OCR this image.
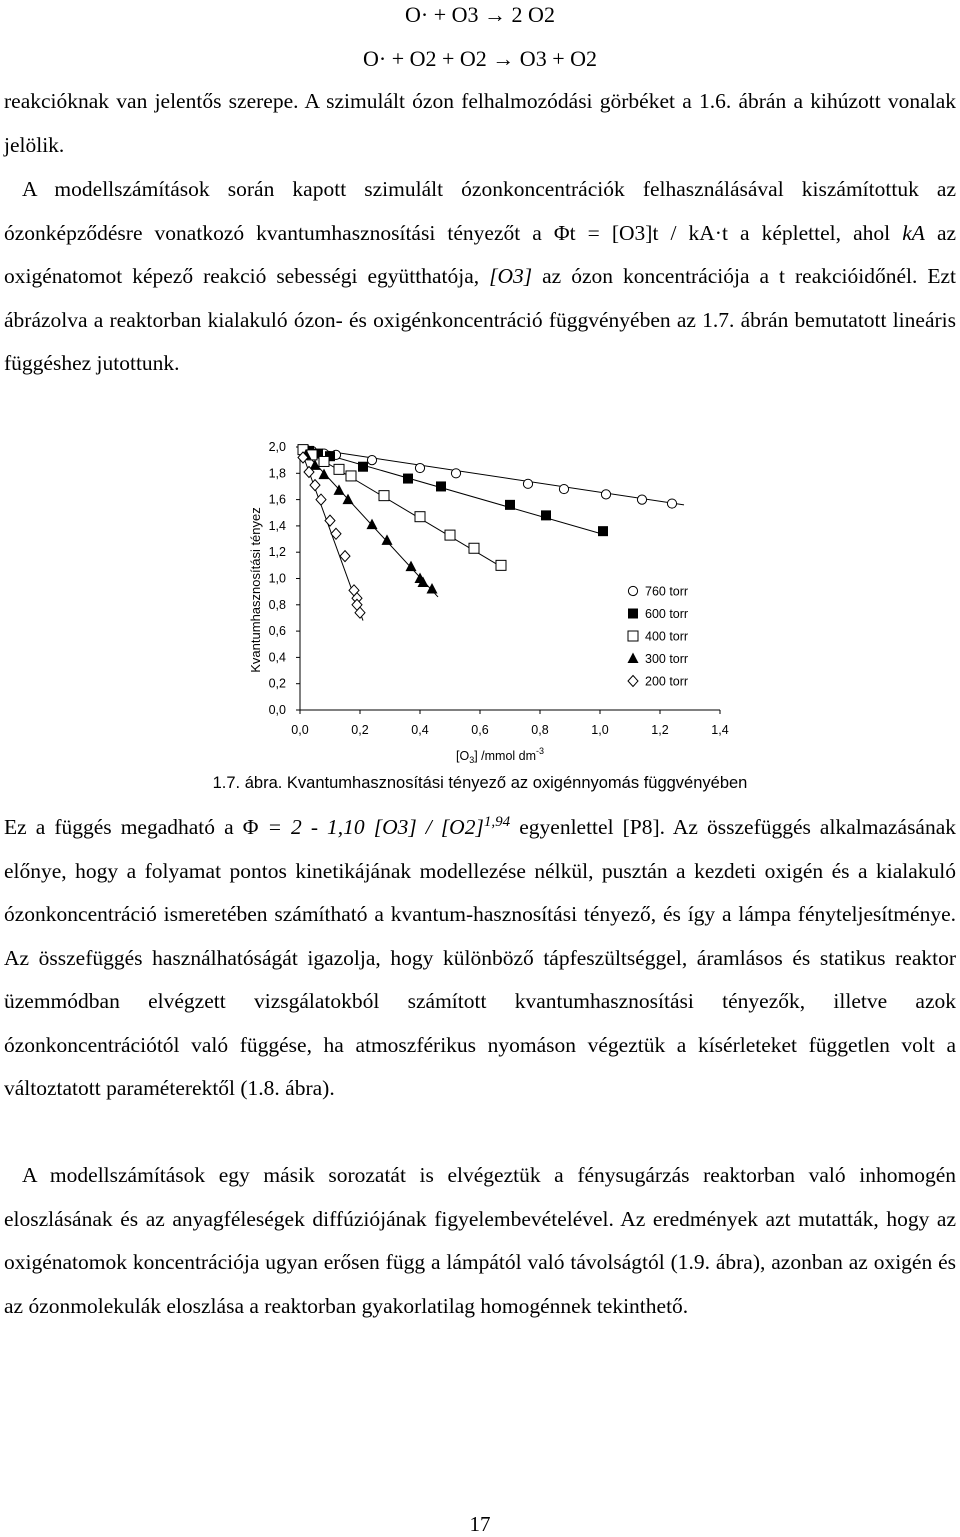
O· + O3 → 2 O2
O· + O2 + O2 → O3 + O2

reakcióknak van jelentős szerepe. A szimulált ózon felhalmozódási görbéket a 1.6. ábrán a kihúzott vonalak jelölik.

A modellszámítások során kapott szimulált ózonkoncentrációk felhasználásával kiszámítottuk az ózonképződésre vonatkozó kvantumhasznosítási tényezőt a Φt = [O3]t / kA·t a képlettel, ahol kA az oxigénatomot képező reakció sebességi együtthatója, [O3] az ózon koncentrációja a t reakcióidőnél. Ezt ábrázolva a reaktorban kialakuló ózon- és oxigénkoncentráció függvényében az 1.7. ábrán bemutatott lineáris függéshez jutottunk.

0,0
0,2
0,4
0,6
0,8
1,0
1,2
1,4
1,6
1,8
2,0
0,0	0,2	0,4	0,6	0,8	1,0	1,2	1,4
760 torr
600 torr
400 torr
300 torr
200 torr
Kvantumhasznosítási tényez
$[O_3]$ /mmol $dm^{-3}$
1.7. ábra. Kvantumhasznosítási tényező az oxigénnyomás függvényében

Ez a függés megadható a Φ = 2 - 1,10 $[O3] / [O2]^{1,94}$ egyenlettel [P8]. Az összefüggés alkalmazásának előnye, hogy a folyamat pontos kinetikájának modellezése nélkül, pusztán a kezdeti oxigén és a kialakuló ózonkoncentráció ismeretében számítható a kvantum-hasznosítási tényező, és így a lámpa fényteljesítménye. Az összefüggés használhatóságát igazolja, hogy különböző tápfeszültséggel, áramlásos és statikus reaktor üzemmódban elvégzett vizsgálatokból számított kvantumhasznosítási tényezők, illetve azok ózonkoncentrációtól való függése, ha atmoszférikus nyomáson végeztük a kísérleteket független volt a változtatott paraméterektől (1.8. ábra).

A modellszámítások egy másik sorozatát is elvégeztük a fénysugárzás reaktorban való inhomogén eloszlásának és az anyagféleségek diffúziójának figyelembevételével. Az eredmények azt mutatták, hogy az oxigénatomok koncentrációja ugyan erősen függ a lámpától való távolságtól (1.9. ábra), azonban az oxigén és az ózonmolekulák eloszlása a reaktorban gyakorlatilag homogénnek tekinthető.

17
